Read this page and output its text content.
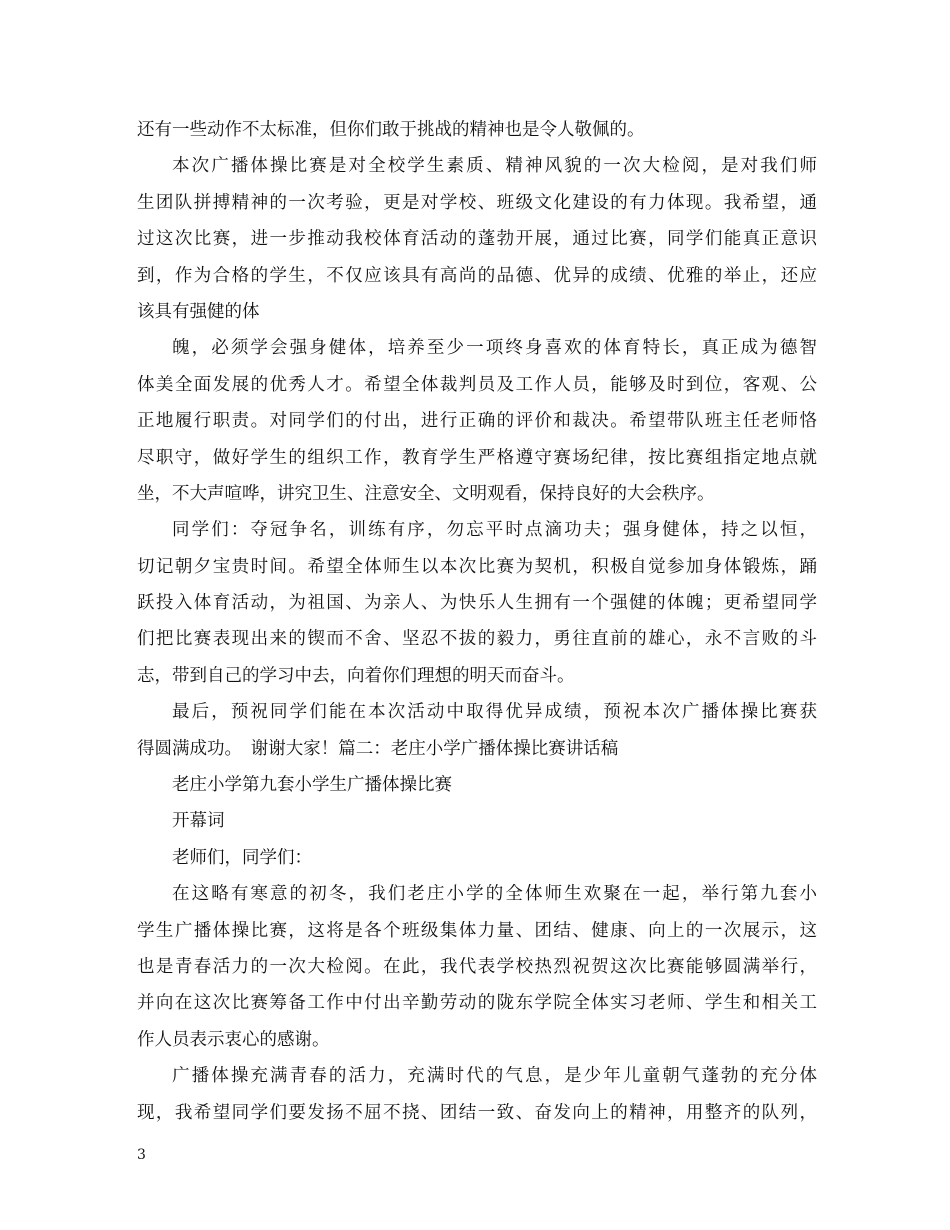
还有一些动作不太标准，但你们敢于挑战的精神也是令人敬佩的。
本次广播体操比赛是对全校学生素质、精神风貌的一次大检阅，是对我们师
生团队拼搏精神的一次考验，更是对学校、班级文化建设的有力体现。我希望，通
过这次比赛，进一步推动我校体育活动的蓬勃开展，通过比赛，同学们能真正意识
到，作为合格的学生，不仅应该具有高尚的品德、优异的成绩、优雅的举止，还应
该具有强健的体
魄，必须学会强身健体，培养至少一项终身喜欢的体育特长，真正成为德智
体美全面发展的优秀人才。希望全体裁判员及工作人员，能够及时到位，客观、公
正地履行职责。对同学们的付出，进行正确的评价和裁决。希望带队班主任老师恪
尽职守，做好学生的组织工作，教育学生严格遵守赛场纪律，按比赛组指定地点就
坐，不大声喧哗，讲究卫生、注意安全、文明观看，保持良好的大会秩序。
同学们：夺冠争名，训练有序，勿忘平时点滴功夫；强身健体，持之以恒，
切记朝夕宝贵时间。希望全体师生以本次比赛为契机，积极自觉参加身体锻炼，踊
跃投入体育活动，为祖国、为亲人、为快乐人生拥有一个强健的体魄；更希望同学
们把比赛表现出来的锲而不舍、坚忍不拔的毅力，勇往直前的雄心，永不言败的斗
志，带到自己的学习中去，向着你们理想的明天而奋斗。
最后，预祝同学们能在本次活动中取得优异成绩，预祝本次广播体操比赛获
得圆满成功。　谢谢大家！篇二：老庄小学广播体操比赛讲话稿
老庄小学第九套小学生广播体操比赛
开幕词
老师们，同学们：
在这略有寒意的初冬，我们老庄小学的全体师生欢聚在一起，举行第九套小
学生广播体操比赛，这将是各个班级集体力量、团结、健康、向上的一次展示，这
也是青春活力的一次大检阅。在此，我代表学校热烈祝贺这次比赛能够圆满举行，
并向在这次比赛筹备工作中付出辛勤劳动的陇东学院全体实习老师、学生和相关工
作人员表示衷心的感谢。
广播体操充满青春的活力，充满时代的气息，是少年儿童朝气蓬勃的充分体
现，我希望同学们要发扬不屈不挠、团结一致、奋发向上的精神，用整齐的队列，
3
